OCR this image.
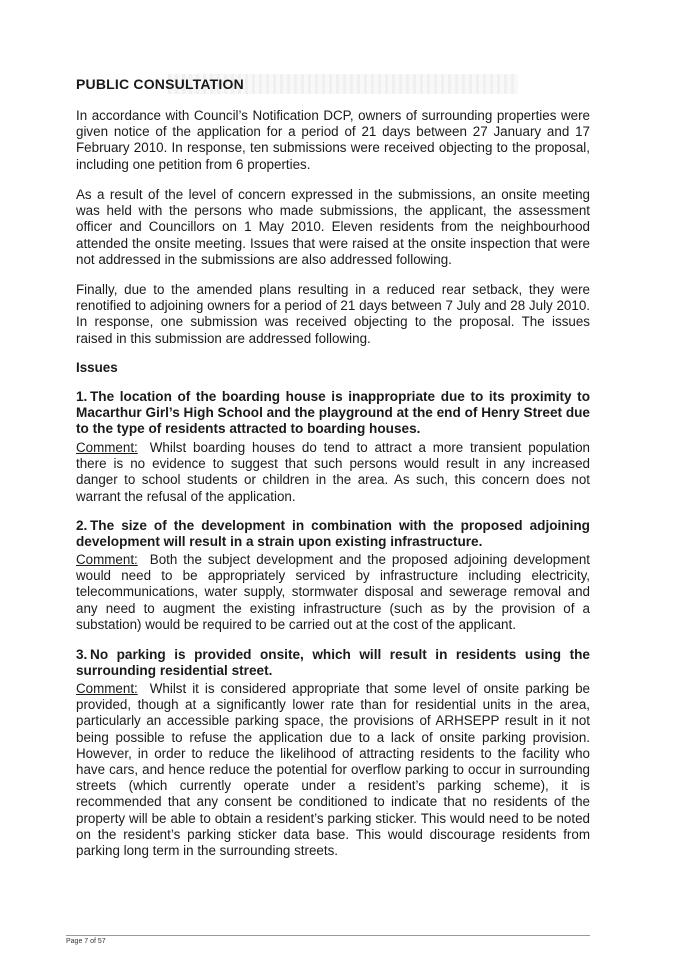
PUBLIC CONSULTATION

In accordance with Council’s Notification DCP, owners of surrounding properties were given notice of the application for a period of 21 days between 27 January and 17 February 2010. In response, ten submissions were received objecting to the proposal, including one petition from 6 properties.

As a result of the level of concern expressed in the submissions, an onsite meeting was held with the persons who made submissions, the applicant, the assessment officer and Councillors on 1 May 2010. Eleven residents from the neighbourhood attended the onsite meeting. Issues that were raised at the onsite inspection that were not addressed in the submissions are also addressed following.

Finally, due to the amended plans resulting in a reduced rear setback, they were renotified to adjoining owners for a period of 21 days between 7 July and 28 July 2010. In response, one submission was received objecting to the proposal. The issues raised in this submission are addressed following.

Issues
1. The location of the boarding house is inappropriate due to its proximity to Macarthur Girl’s High School and the playground at the end of Henry Street due to the type of residents attracted to boarding houses.

Comment: Whilst boarding houses do tend to attract a more transient population there is no evidence to suggest that such persons would result in any increased danger to school students or children in the area. As such, this concern does not warrant the refusal of the application.

2. The size of the development in combination with the proposed adjoining development will result in a strain upon existing infrastructure.

Comment: Both the subject development and the proposed adjoining development would need to be appropriately serviced by infrastructure including electricity, telecommunications, water supply, stormwater disposal and sewerage removal and any need to augment the existing infrastructure (such as by the provision of a substation) would be required to be carried out at the cost of the applicant.

3. No parking is provided onsite, which will result in residents using the surrounding residential street.

Comment: Whilst it is considered appropriate that some level of onsite parking be provided, though at a significantly lower rate than for residential units in the area, particularly an accessible parking space, the provisions of ARHSEPP result in it not being possible to refuse the application due to a lack of onsite parking provision. However, in order to reduce the likelihood of attracting residents to the facility who have cars, and hence reduce the potential for overflow parking to occur in surrounding streets (which currently operate under a resident’s parking scheme), it is recommended that any consent be conditioned to indicate that no residents of the property will be able to obtain a resident’s parking sticker. This would need to be noted on the resident’s parking sticker data base. This would discourage residents from parking long term in the surrounding streets.

Page 7 of 57
